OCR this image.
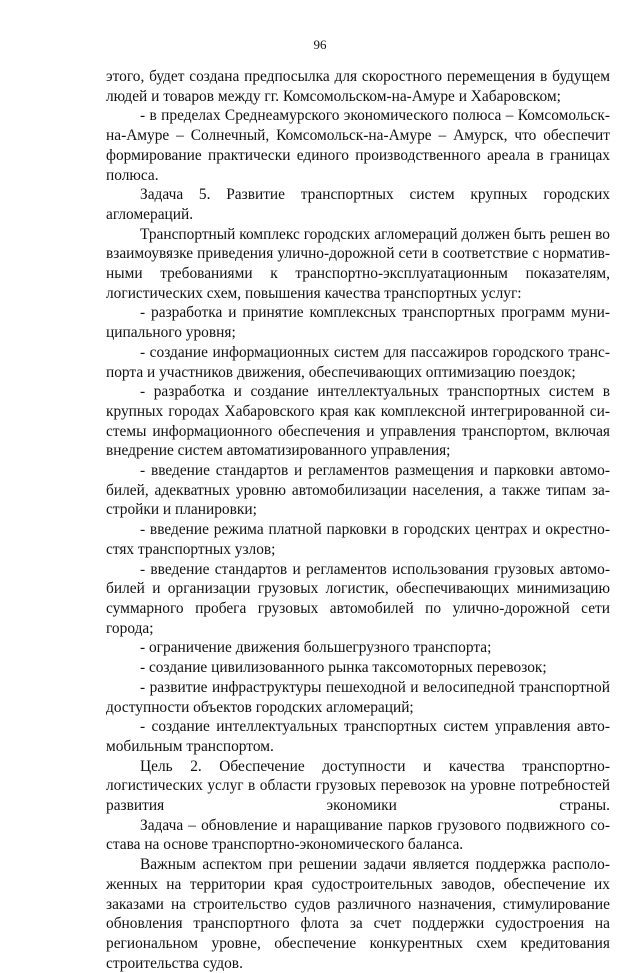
96

этого, будет создана предпосылка для скоростного перемещения в будущем людей и товаров между гг. Комсомольском-на-Амуре и Хабаровском;

- в пределах Среднеамурского экономического полюса – Комсомольск-на-Амуре – Солнечный, Комсомольск-на-Амуре – Амурск, что обеспечит формирование практически единого производственного ареала в границах полюса.

Задача 5. Развитие транспортных систем крупных городских агломераций.

Транспортный комплекс городских агломераций должен быть решен во взаимоувязке приведения улично-дорожной сети в соответствие с нормативными требованиями к транспортно-эксплуатационным показателям, логистических схем, повышения качества транспортных услуг:

- разработка и принятие комплексных транспортных программ муниципального уровня;

- создание информационных систем для пассажиров городского транспорта и участников движения, обеспечивающих оптимизацию поездок;

- разработка и создание интеллектуальных транспортных систем в крупных городах Хабаровского края как комплексной интегрированной системы информационного обеспечения и управления транспортом, включая внедрение систем автоматизированного управления;

- введение стандартов и регламентов размещения и парковки автомобилей, адекватных уровню автомобилизации населения, а также типам застройки и планировки;

- введение режима платной парковки в городских центрах и окрестностях транспортных узлов;

- введение стандартов и регламентов использования грузовых автомобилей и организации грузовых логистик, обеспечивающих минимизацию суммарного пробега грузовых автомобилей по улично-дорожной сети города;

- ограничение движения большегрузного транспорта;

- создание цивилизованного рынка таксомоторных перевозок;

- развитие инфраструктуры пешеходной и велосипедной транспортной доступности объектов городских агломераций;

- создание интеллектуальных транспортных систем управления автомобильным транспортом.

Цель 2. Обеспечение доступности и качества транспортно-логистических услуг в области грузовых перевозок на уровне потребностей развития экономики страны.

Задача – обновление и наращивание парков грузового подвижного состава на основе транспортно-экономического баланса.

Важным аспектом при решении задачи является поддержка расположенных на территории края судостроительных заводов, обеспечение их заказами на строительство судов различного назначения, стимулирование обновления транспортного флота за счет поддержки судостроения на региональном уровне, обеспечение конкурентных схем кредитования строительства судов.
